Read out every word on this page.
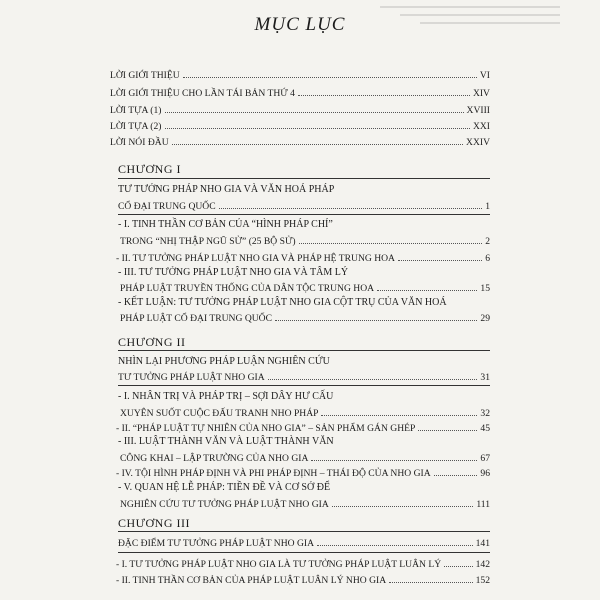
MỤC LỤC
LỜI GIỚI THIỆU	VI
LỜI GIỚI THIỆU CHO LẦN TÁI BẢN THỨ 4	XIV
LỜI TỰA (1)	XVIII
LỜI TỰA (2)	XXI
LỜI NÓI ĐẦU	XXIV
CHƯƠNG I
TƯ TƯỞNG PHÁP NHO GIA VÀ VĂN HOÁ PHÁP
CỔ ĐẠI TRUNG QUỐC	1
- I. TINH THẦN CƠ BẢN CỦA “HÌNH PHÁP CHÍ”
TRONG “NHỊ THẬP NGŨ SỬ” (25 BỘ SỬ)	2
- II. TƯ TƯỞNG PHÁP LUẬT NHO GIA VÀ PHÁP HỆ TRUNG HOA	6
- III. TƯ TƯỞNG PHÁP LUẬT NHO GIA VÀ TÂM LÝ
PHÁP LUẬT TRUYỀN THỐNG CỦA DÂN TỘC TRUNG HOA	15
- KẾT LUẬN: TƯ TƯỞNG PHÁP LUẬT NHO GIA CỘT TRỤ CỦA VĂN HOÁ
PHÁP LUẬT CỔ ĐẠI TRUNG QUỐC	29
CHƯƠNG II
NHÌN LẠI PHƯƠNG PHÁP LUẬN NGHIÊN CỨU
TƯ TƯỞNG PHÁP LUẬT NHO GIA	31
- I. NHÂN TRỊ VÀ PHÁP TRỊ – SỢI DÂY HƯ CẤU
XUYÊN SUỐT CUỘC ĐẤU TRANH NHO PHÁP	32
- II. “PHÁP LUẬT TỰ NHIÊN CỦA NHO GIA” – SẢN PHẨM GÁN GHÉP	45
- III. LUẬT THÀNH VĂN VÀ LUẬT THÀNH VĂN
CÔNG KHAI – LẬP TRƯỜNG CỦA NHO GIA	67
- IV. TỘI HÌNH PHÁP ĐỊNH VÀ PHI PHÁP ĐỊNH – THÁI ĐỘ CỦA NHO GIA	96
- V. QUAN HỆ LỄ PHÁP: TIỀN ĐỀ VÀ CƠ SỞ ĐỂ
NGHIÊN CỨU TƯ TƯỞNG PHÁP LUẬT NHO GIA	111
CHƯƠNG III
ĐẶC ĐIỂM TƯ TƯỞNG PHÁP LUẬT NHO GIA	141
- I. TƯ TƯỞNG PHÁP LUẬT NHO GIA LÀ TƯ TƯỞNG PHÁP LUẬT LUÂN LÝ	142
- II. TINH THẦN CƠ BẢN CỦA PHÁP LUẬT LUÂN LÝ NHO GIA	152
